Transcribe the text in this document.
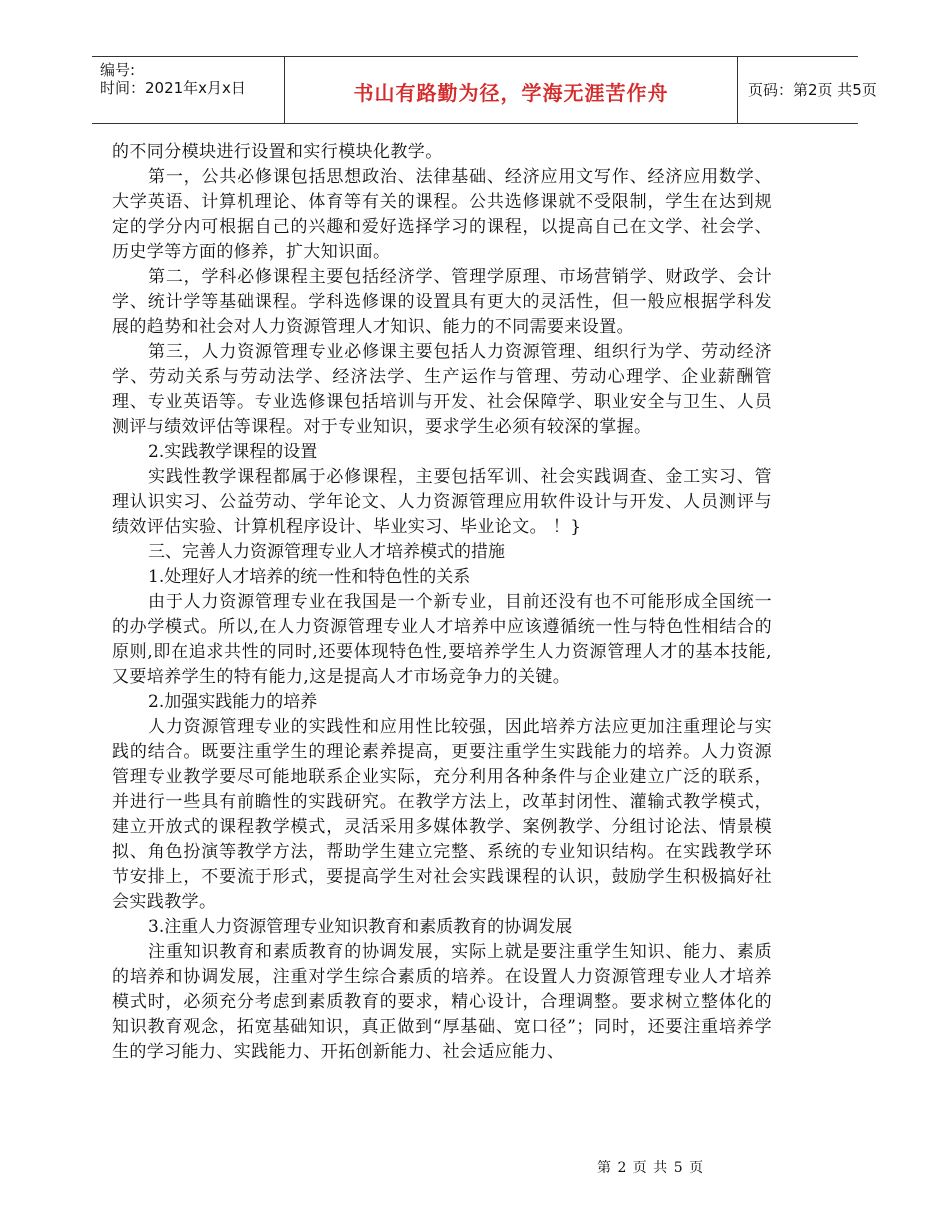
编号:
时间：2021年x月x日	书山有路勤为径，学海无涯苦作舟	页码：第2页 共5页

的不同分模块进行设置和实行模块化教学。

第一，公共必修课包括思想政治、法律基础、经济应用文写作、经济应用数学、大学英语、计算机理论、体育等有关的课程。公共选修课就不受限制，学生在达到规定的学分内可根据自己的兴趣和爱好选择学习的课程，以提高自己在文学、社会学、历史学等方面的修养，扩大知识面。

第二，学科必修课程主要包括经济学、管理学原理、市场营销学、财政学、会计学、统计学等基础课程。学科选修课的设置具有更大的灵活性，但一般应根据学科发展的趋势和社会对人力资源管理人才知识、能力的不同需要来设置。

第三，人力资源管理专业必修课主要包括人力资源管理、组织行为学、劳动经济学、劳动关系与劳动法学、经济法学、生产运作与管理、劳动心理学、企业薪酬管理、专业英语等。专业选修课包括培训与开发、社会保障学、职业安全与卫生、人员测评与绩效评估等课程。对于专业知识，要求学生必须有较深的掌握。

2.实践教学课程的设置

实践性教学课程都属于必修课程，主要包括军训、社会实践调查、金工实习、管理认识实习、公益劳动、学年论文、人力资源管理应用软件设计与开发、人员测评与绩效评估实验、计算机程序设计、毕业实习、毕业论文。 ！}

三、完善人力资源管理专业人才培养模式的措施

1.处理好人才培养的统一性和特色性的关系

由于人力资源管理专业在我国是一个新专业，目前还没有也不可能形成全国统一的办学模式。所以,在人力资源管理专业人才培养中应该遵循统一性与特色性相结合的原则,即在追求共性的同时,还要体现特色性,要培养学生人力资源管理人才的基本技能,又要培养学生的特有能力,这是提高人才市场竞争力的关键。

2.加强实践能力的培养

人力资源管理专业的实践性和应用性比较强，因此培养方法应更加注重理论与实践的结合。既要注重学生的理论素养提高，更要注重学生实践能力的培养。人力资源管理专业教学要尽可能地联系企业实际，充分利用各种条件与企业建立广泛的联系，并进行一些具有前瞻性的实践研究。在教学方法上，改革封闭性、灌输式教学模式，建立开放式的课程教学模式，灵活采用多媒体教学、案例教学、分组讨论法、情景模拟、角色扮演等教学方法，帮助学生建立完整、系统的专业知识结构。在实践教学环节安排上，不要流于形式，要提高学生对社会实践课程的认识，鼓励学生积极搞好社会实践教学。

3.注重人力资源管理专业知识教育和素质教育的协调发展

注重知识教育和素质教育的协调发展，实际上就是要注重学生知识、能力、素质的培养和协调发展，注重对学生综合素质的培养。在设置人力资源管理专业人才培养模式时，必须充分考虑到素质教育的要求，精心设计，合理调整。要求树立整体化的知识教育观念，拓宽基础知识，真正做到“厚基础、宽口径”；同时，还要注重培养学生的学习能力、实践能力、开拓创新能力、社会适应能力、

第 2 页 共 5 页
